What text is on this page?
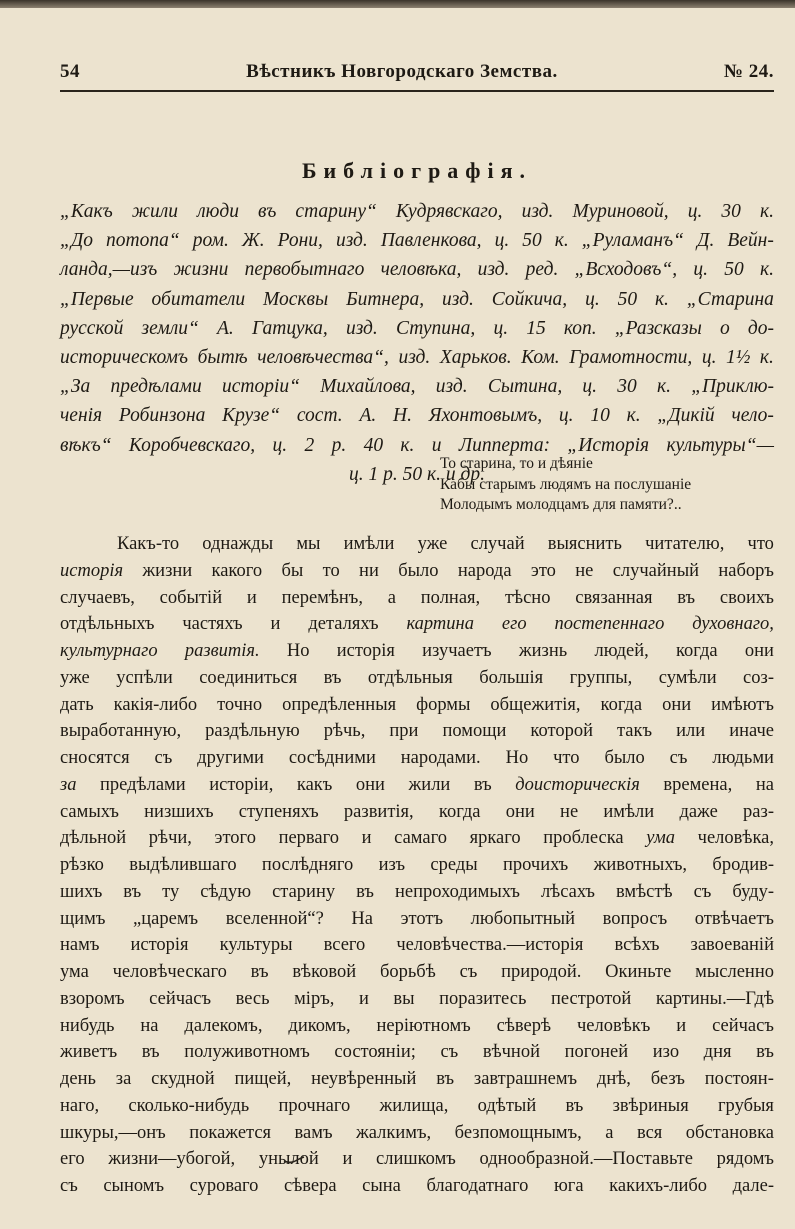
54	Вѣстникъ Новгородскаго Земства.	№ 24.
Библіографія.
„Какъ жили люди въ старину“ Кудрявскаго, изд. Муриновой, ц. 30 к.
„До потопа“ ром. Ж. Рони, изд. Павленкова, ц. 50 к. „Руламанъ“ Д. Вейн-
ланда,—изъ жизни первобытнаго человѣка, изд. ред. „Всходовъ“, ц. 50 к.
„Первые обитатели Москвы Битнера, изд. Сойкича, ц. 50 к. „Старина
русской земли“ А. Гатцука, изд. Ступина, ц. 15 коп. „Разсказы о до-
историческомъ бытѣ человѣчества“, изд. Харьков. Ком. Грамотности, ц. 1½ к.
„За предѣлами исторіи“ Михайлова, изд. Сытина, ц. 30 к. „Приклю-
ченія Робинзона Крузе“ сост. А. Н. Яхонтовымъ, ц. 10 к. „Дикій чело-
вѣкъ“ Коробчевскаго, ц. 2 р. 40 к. и Липперта: „Исторія культуры“—
ц. 1 р. 50 к. и др.
То старина, то и дѣяніе
Кабы старымъ людямъ на послушаніе
Молодымъ молодцамъ для памяти?..
Какъ-то однажды мы имѣли уже случай выяснить читателю, что
исторія жизни какого бы то ни было народа это не случайный наборъ
случаевъ, событій и перемѣнъ, а полная, тѣсно связанная въ своихъ
отдѣльныхъ частяхъ и деталяхъ картина его постепеннаго духовнаго,
культурнаго развитія. Но исторія изучаетъ жизнь людей, когда они
уже успѣли соединиться въ отдѣльныя большія группы, сумѣли соз-
дать какія-либо точно опредѣленныя формы общежитія, когда они имѣютъ
выработанную, раздѣльную рѣчь, при помощи которой такъ или иначе
сносятся съ другими сосѣдними народами. Но что было съ людьми
за предѣлами исторіи, какъ они жили въ доисторическія времена, на
самыхъ низшихъ ступеняхъ развитія, когда они не имѣли даже раз-
дѣльной рѣчи, этого перваго и самаго яркаго проблеска ума человѣка,
рѣзко выдѣлившаго послѣдняго изъ среды прочихъ животныхъ, бродив-
шихъ въ ту сѣдую старину въ непроходимыхъ лѣсахъ вмѣстѣ съ буду-
щимъ „царемъ вселенной“? На этотъ любопытный вопросъ отвѣчаетъ
намъ исторія культуры всего человѣчества.—исторія всѣхъ завоеваній
ума человѣческаго въ вѣковой борьбѣ съ природой. Окиньте мысленно
взоромъ сейчасъ весь міръ, и вы поразитесь пестротой картины.—Гдѣ
нибудь на далекомъ, дикомъ, неріютномъ сѣверѣ человѣкъ и сейчасъ
живетъ въ полуживотномъ состояніи; съ вѣчной погоней изо дня въ
день за скудной пищей, неувѣренный въ завтрашнемъ днѣ, безъ постоян-
наго, сколько-нибудь прочнаго жилища, одѣтый въ звѣриныя грубыя
шкуры,—онъ покажется вамъ жалкимъ, безпомощнымъ, а вся обстановка
его жизни—убогой, унылой и слишкомъ однообразной.—Поставьте рядомъ
съ сыномъ суроваго сѣвера сына благодатнаго юга какихъ-либо дале-
